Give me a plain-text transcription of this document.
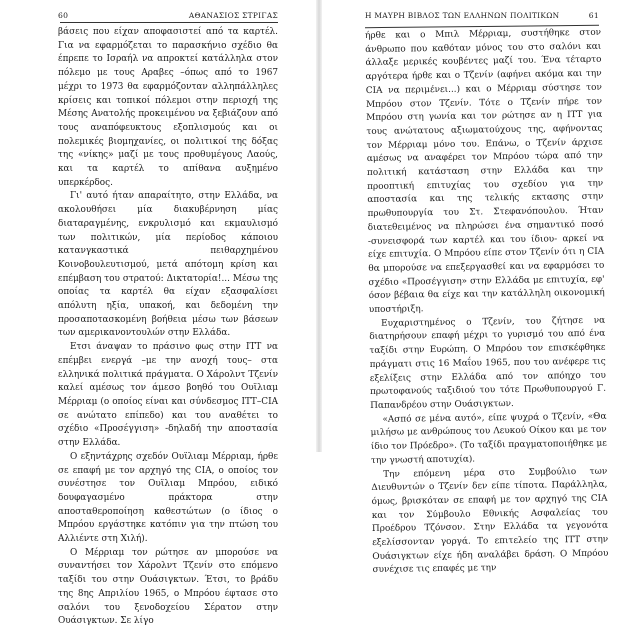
60	ΑΘΑΝΑΣΙΟΣ ΣΤΡΙΓΑΣ

βάσεις που είχαν αποφασιστεί από τα καρτέλ. Για να εφαρμόζεται το παρασκήνιο σχέδιο θα έπρεπε το Ισραήλ να απροκτεί κατάλληλα στον πόλεμο με τους Αραβες –όπως από το 1967 μέχρι το 1973 θα εφαρμόζονταν αλληπάλληλες κρίσεις και τοπικοί πόλεμοι στην περιοχή της Μέσης Ανατολής προκειμένου να ξεβιάζουν από τους αναπόφευκτους εξοπλισμούς και οι πολεμικές βιομηχανίες, οι πολιτικοί της δόξας της «νίκης» μαζί με τους προθυμέγους Λαούς, και τα καρτέλ το απίθανα αυξημένο υπερκέρδος.

Γι' αυτό ήταν απαραίτητο, στην Ελλάδα, να ακολουθήσει μία διακυβέρνηση μίας διαταραγμένης, ενκρυλισμό και εκμαυλισμό των πολιτικών, μία περίοδος κάποιου κατανγκαστικά πειθαρχημένου Κοινοβουλευτισμού, μετά απότομη κρίση και επέμβαση του στρατού: Δικτατορία!... Μέσω της οποίας τα καρτέλ θα είχαν εξασφαλίσει απόλυτη ηξία, υπακοή, και δεδομένη την προσαποτασκομένη βοήθεια μέσω των βάσεων των αμερικανοντουλών στην Ελλάδα.

Ετσι άναψαν το πράσινο φως στην ΙΤΤ να επέμβει ενεργά –με την ανοχή τους– στα ελληνικά πολιτικά πράγματα. Ο Χάρολντ Τζενίν καλεί αμέσως τον άμεσο βοηθό του Ουϊλιαμ Μέρριαμ (ο οποίος είναι και σύνδεσμος ΙΤΤ–CIA σε ανώτατο επίπεδο) και του αναθέτει το σχέδιο «Προσέγγιση» -δηλαδή την αποστασία στην Ελλάδα.

Ο εξηντάχρης σχεδόν Ουϊλιαμ Μέρριαμ, ήρθε σε επαφή με τον αρχηγό της CIA, ο οποίος τον συνέστησε τον Ουϊλιαμ Μπρόου, ειδικό δουφαγασμένο πράκτορα στην αποσταθεροποίηση καθεστώτων (ο ίδιος ο Μπρόου εργάστηκε κατόπιν για την πτώση του Αλλιέντε στη Χιλή).

Ο Μέρριαμ τον ρώτησε αν μπορούσε να συναντήσει τον Χάρολντ Τζενίν στο επόμενο ταξίδι του στην Ουάσιγκτων. Έτσι, το βράδυ της 8ης Απριλίου 1965, ο Μπρόου έφτασε στο σαλόνι του ξενοδοχείου Σέρατον στην Ουάσιγκτων. Σε λίγο

Η ΜΑΥΡΗ ΒΙΒΛΟΣ ΤΩΝ ΕΛΛΗΝΩΝ ΠΟΛΙΤΙΚΩΝ	61

ήρθε και ο Μπιλ Μέρριαμ, συστήθηκε στον άνθρωπο που καθόταν μόνος του στο σαλόνι και άλλαξε μερικές κουβέντες μαζί του. Ένα τέταρτο αργότερα ήρθε και ο Τζενίν (αφήνει ακόμα και την CIA να περιμένει...) και ο Μέρριαμ σύστησε τον Μπρόου στον Τζενίν. Τότε ο Τζενίν πήρε τον Μπρόου στη γωνία και τον ρώτησε αν η ΙΤΤ για τους ανώτατους αξιωματούχους της, αφήνοντας τον Μέρριαμ μόνο του. Επάνω, ο Τζενίν άρχισε αμέσως να αναφέρει τον Μπρόου τώρα από την πολιτική κατάσταση στην Ελλάδα και την προοπτική επιτυχίας του σχεδίου για την αποστασία και της τελικής εκτασης στην πρωθυπουργία του Στ. Στεφανόπουλου. Ήταν διατεθειμένος να πληρώσει ένα σημαντικό ποσό -συνεισφορά των καρτέλ και του ίδιου- αρκεί να είχε επιτυχία. Ο Μπρόου είπε στον Τζενίν ότι η CIA θα μπορούσε να επεξεργασθεί και να εφαρμόσει το σχέδιο «Προσέγγιση» στην Ελλάδα με επιτυχία, εφ' όσον βέβαια θα είχε και την κατάλληλη οικονομική υποστήριξη.

Ευχαριστημένος ο Τζενίν, του ζήτησε να διατηρήσουν επαφή μέχρι το γυρισμό του από ένα ταξίδι στην Ευρώπη. Ο Μπρόου τον επισκέφθηκε πράγματι στις 16 Μαΐου 1965, που του ανέφερε τις εξελίξεις στην Ελλάδα από τον απόηχο του πρωτοφανούς ταξιδιού του τότε Πρωθυπουργού Γ. Παπανδρέου στην Ουάσιγκτων.

«Ασπό σε μένα αυτό», είπε ψυχρά ο Τζενίν, «Θα μιλήσω με ανθρώπους του Λευκού Οίκου και με τον ίδιο τον Πρόεδρο». (Το ταξίδι πραγματοποιήθηκε με την γνωστή αποτυχία).

Την επόμενη μέρα στο Συμβούλιο των Διευθυντών ο Τζενίν δεν είπε τίποτα. Παράλληλα, όμως, βρισκόταν σε επαφή με τον αρχηγό της CIA και τον Σύμβουλο Εθνικής Ασφαλείας του Προέδρου Τζόνσον. Στην Ελλάδα τα γεγονότα εξελίσσονταν γοργά. Το επιτελείο της ΙΤΤ στην Ουάσιγκτων είχε ήδη αναλάβει δράση. Ο Μπρόου συνέχισε τις επαφές με την
